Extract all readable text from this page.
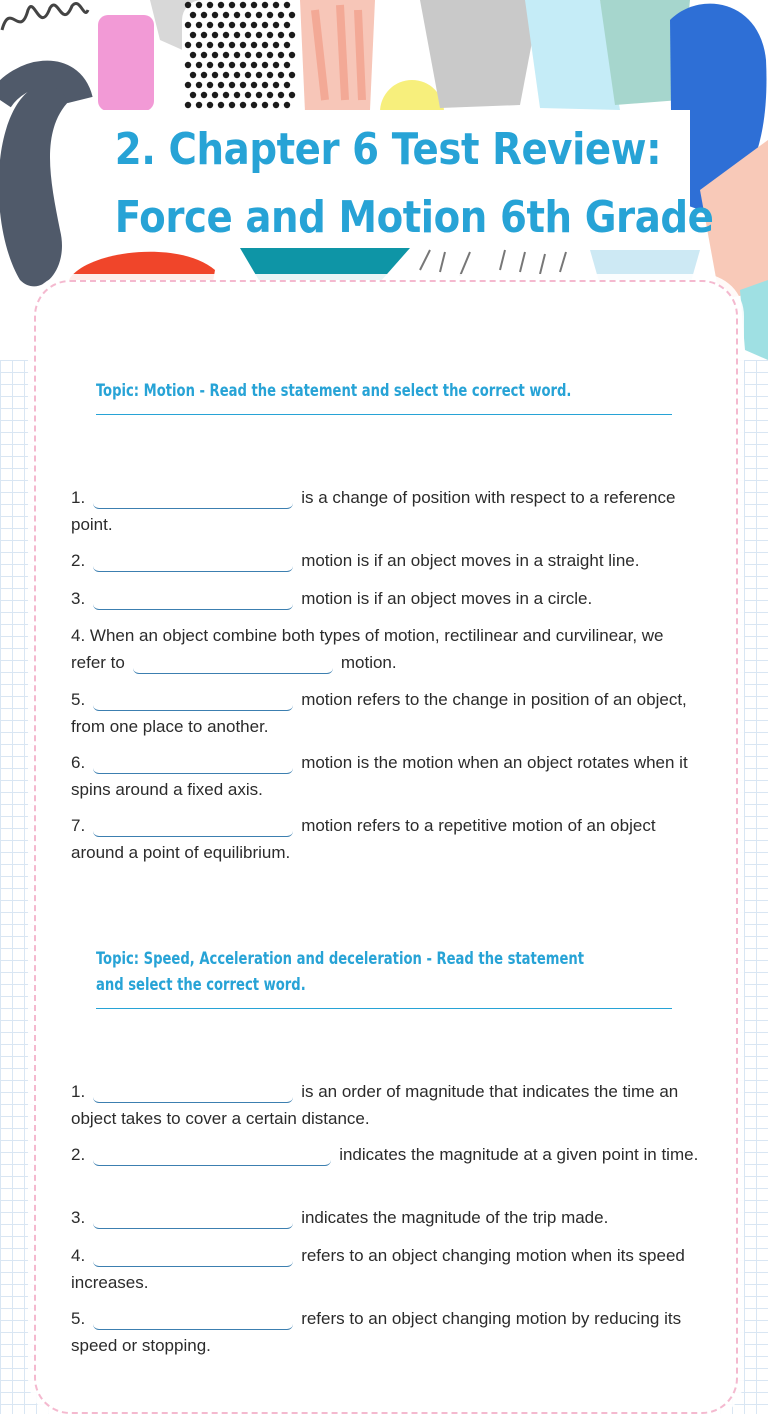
2. Chapter 6 Test Review:
Force and Motion 6th Grade
Topic: Motion - Read the statement and select the correct word.
1.	is a change of position with respect to a reference point.
2.	motion is if an object moves in a straight line.
3.	motion is if an object moves in a circle.
4. When an object combine both types of motion, rectilinear and curvilinear, we refer to	motion.
5.	motion refers to the change in position of an object, from one place to another.
6.	motion is the motion when an object rotates when it spins around a fixed axis.
7.	motion refers to a repetitive motion of an object around a point of equilibrium.
Topic: Speed, Acceleration and deceleration - Read the statement and select the correct word.
1.	is an order of magnitude that indicates the time an object takes to cover a certain distance.
2.	indicates the magnitude at a given point in time.
3.	indicates the magnitude of the trip made.
4.	refers to an object changing motion when its speed increases.
5.	refers to an object changing motion by reducing its speed or stopping.
